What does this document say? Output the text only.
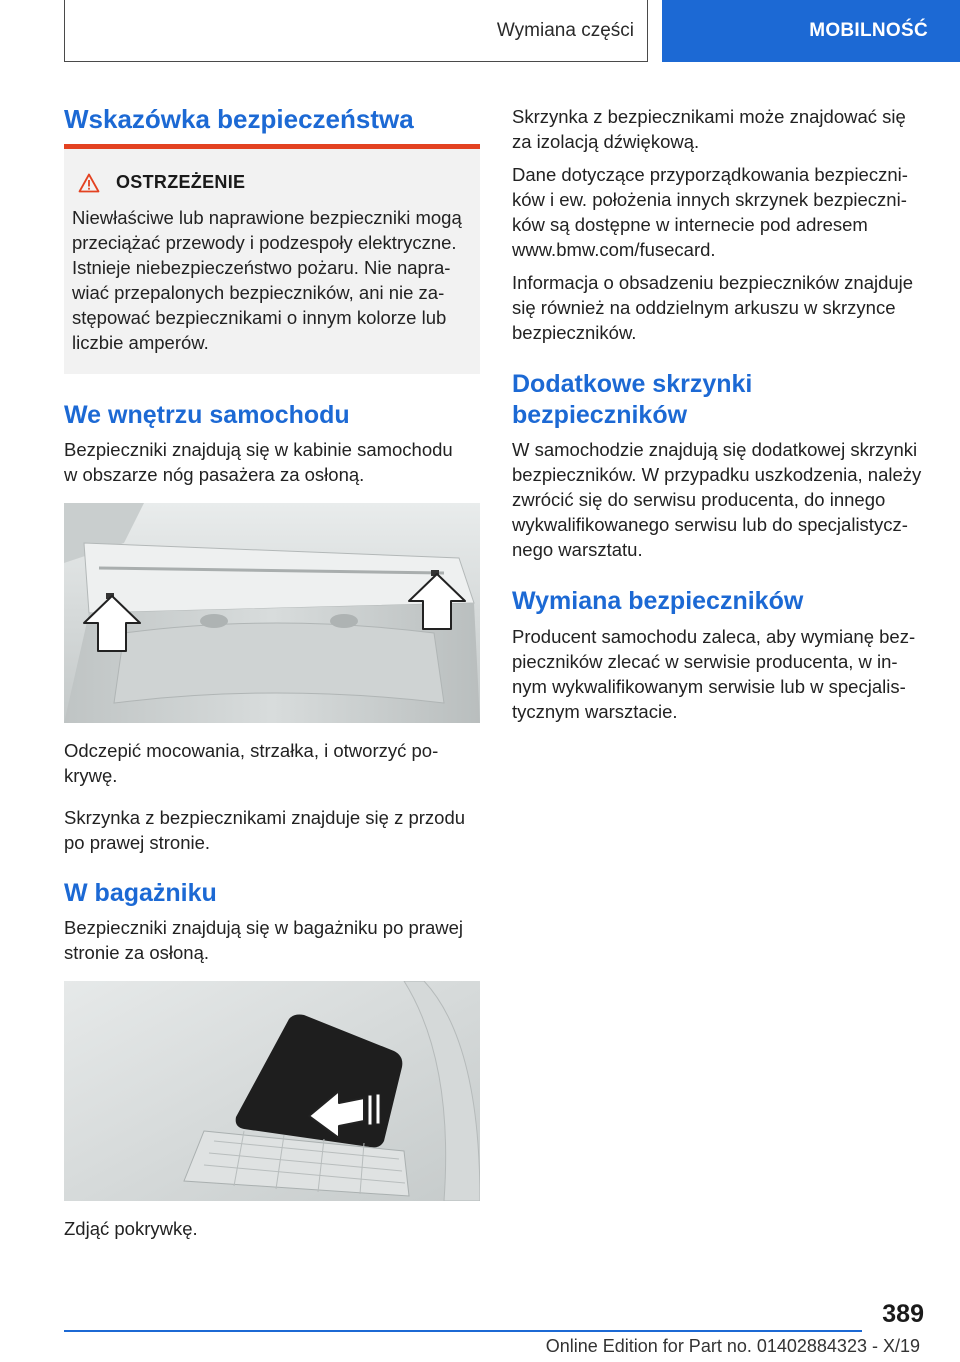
Wymiana części	MOBILNOŚĆ
Wskazówka bezpieczeństwa
OSTRZEŻENIE

Niewłaściwe lub naprawione bezpieczniki mogą

przeciążać przewody i podzespoły elektryczne.

Istnieje niebezpieczeństwo pożaru. Nie napra-

wiać przepalonych bezpieczników, ani nie za-

stępować bezpiecznikami o innym kolorze lub

liczbie amperów.

We wnętrzu samochodu

Bezpieczniki znajdują się w kabinie samochodu

w obszarze nóg pasażera za osłoną.

Odczepić mocowania, strzałka, i otworzyć po-

krywę.

Skrzynka z bezpiecznikami znajduje się z przodu

po prawej stronie.

W bagażniku

Bezpieczniki znajdują się w bagażniku po prawej

stronie za osłoną.

Zdjąć pokrywkę.

Skrzynka z bezpiecznikami może znajdować się

za izolacją dźwiękową.

Dane dotyczące przyporządkowania bezpieczni-

ków i ew. położenia innych skrzynek bezpieczni-

ków są dostępne w internecie pod adresem

www.bmw.com/fusecard.

Informacja o obsadzeniu bezpieczników znajduje

się również na oddzielnym arkuszu w skrzynce

bezpieczników.

Dodatkowe skrzynki
bezpieczników

W samochodzie znajdują się dodatkowej skrzynki

bezpieczników. W przypadku uszkodzenia, należy

zwrócić się do serwisu producenta, do innego

wykwalifikowanego serwisu lub do specjalistycz-

nego warsztatu.

Wymiana bezpieczników

Producent samochodu zaleca, aby wymianę bez-

pieczników zlecać w serwisie producenta, w in-

nym wykwalifikowanym serwisie lub w specjalis-

tycznym warsztacie.

389
Online Edition for Part no. 01402884323 - X/19
